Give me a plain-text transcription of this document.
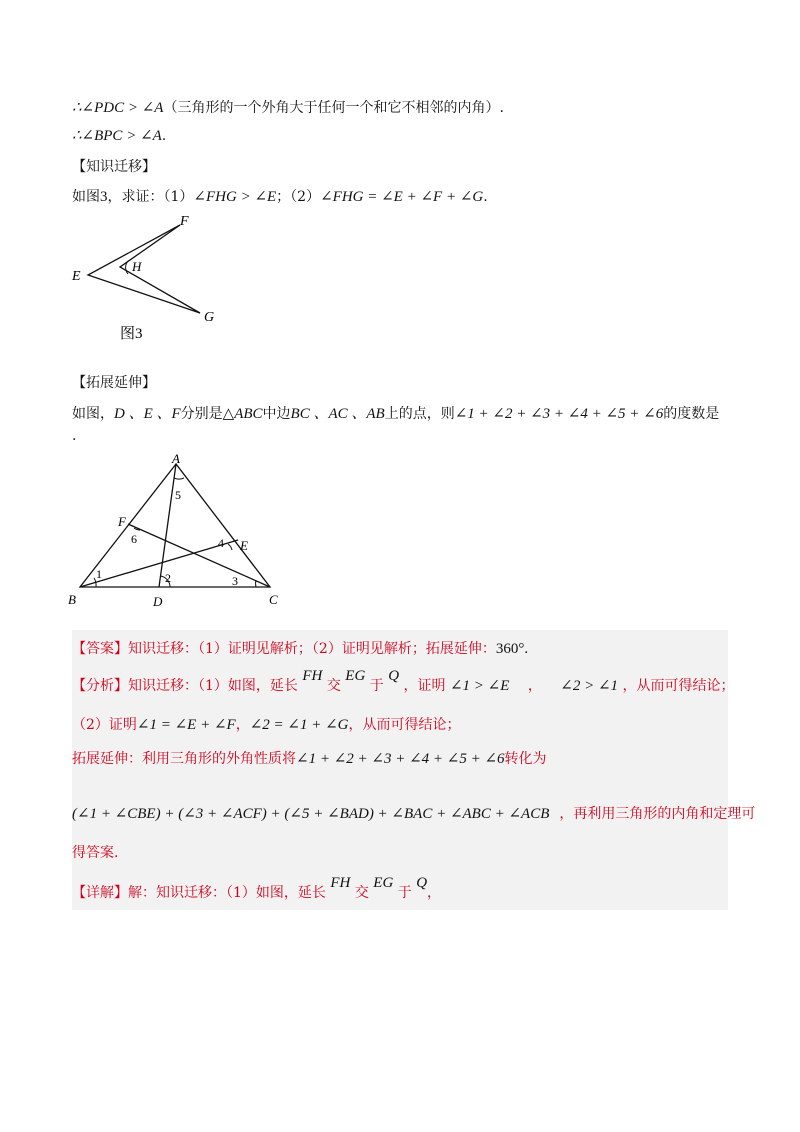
∴∠PDC > ∠A（三角形的一个外角大于任何一个和它不相邻的内角）.
∴∠BPC > ∠A.
【知识迁移】
如图3，求证：（1）∠FHG > ∠E；（2）∠FHG = ∠E + ∠F + ∠G.
F
E
H
G
图3
【拓展延伸】
如图，D 、E 、F分别是△ABC中边BC 、AC 、AB上的点，则∠1 + ∠2 + ∠3 + ∠4 + ∠5 + ∠6的度数是
.
A
B	C
D
E
F
1	2	3
4
5
6
【答案】知识迁移：（1）证明见解析；（2）证明见解析；拓展延伸：360°.
【分析】知识迁移：（1）如图，延长 FH 交 EG 于 Q ，证明 ∠1 > ∠E ， ∠2 > ∠1 ，从而可得结论；
（2）证明∠1 = ∠E + ∠F，∠2 = ∠1 + ∠G，从而可得结论；
拓展延伸：利用三角形的外角性质将∠1 + ∠2 + ∠3 + ∠4 + ∠5 + ∠6转化为
(∠1 + ∠CBE) + (∠3 + ∠ACF) + (∠5 + ∠BAD) + ∠BAC + ∠ABC + ∠ACB ，再利用三角形的内角和定理可
得答案.
【详解】解：知识迁移：（1）如图，延长 FH 交 EG 于 Q，
